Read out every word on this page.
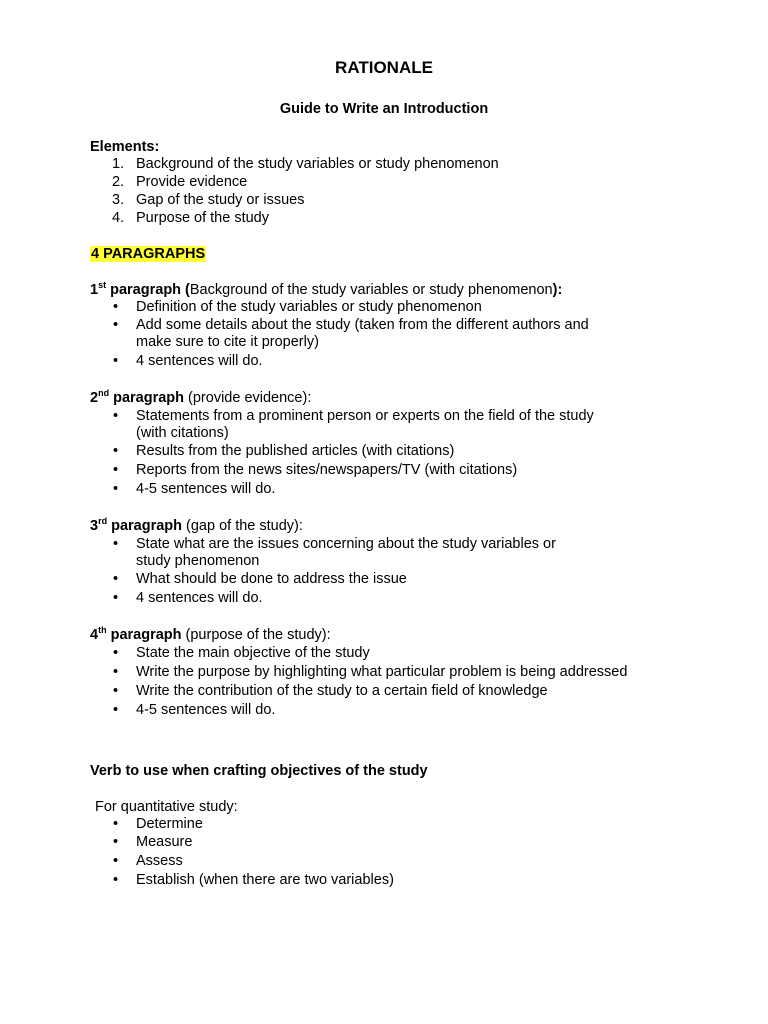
RATIONALE
Guide to Write an Introduction
Elements:
1. Background of the study variables or study phenomenon
2. Provide evidence
3. Gap of the study or issues
4. Purpose of the study
4 PARAGRAPHS
1st paragraph (Background of the study variables or study phenomenon):
• Definition of the study variables or study phenomenon
• Add some details about the study (taken from the different authors and
make sure to cite it properly)
• 4 sentences will do.
2nd paragraph (provide evidence):
• Statements from a prominent person or experts on the field of the study
(with citations)
• Results from the published articles (with citations)
• Reports from the news sites/newspapers/TV (with citations)
• 4-5 sentences will do.
3rd paragraph (gap of the study):
• State what are the issues concerning about the study variables or
study phenomenon
• What should be done to address the issue
• 4 sentences will do.
4th paragraph (purpose of the study):
• State the main objective of the study
• Write the purpose by highlighting what particular problem is being addressed
• Write the contribution of the study to a certain field of knowledge
• 4-5 sentences will do.
Verb to use when crafting objectives of the study
For quantitative study:
• Determine
• Measure
• Assess
• Establish (when there are two variables)
